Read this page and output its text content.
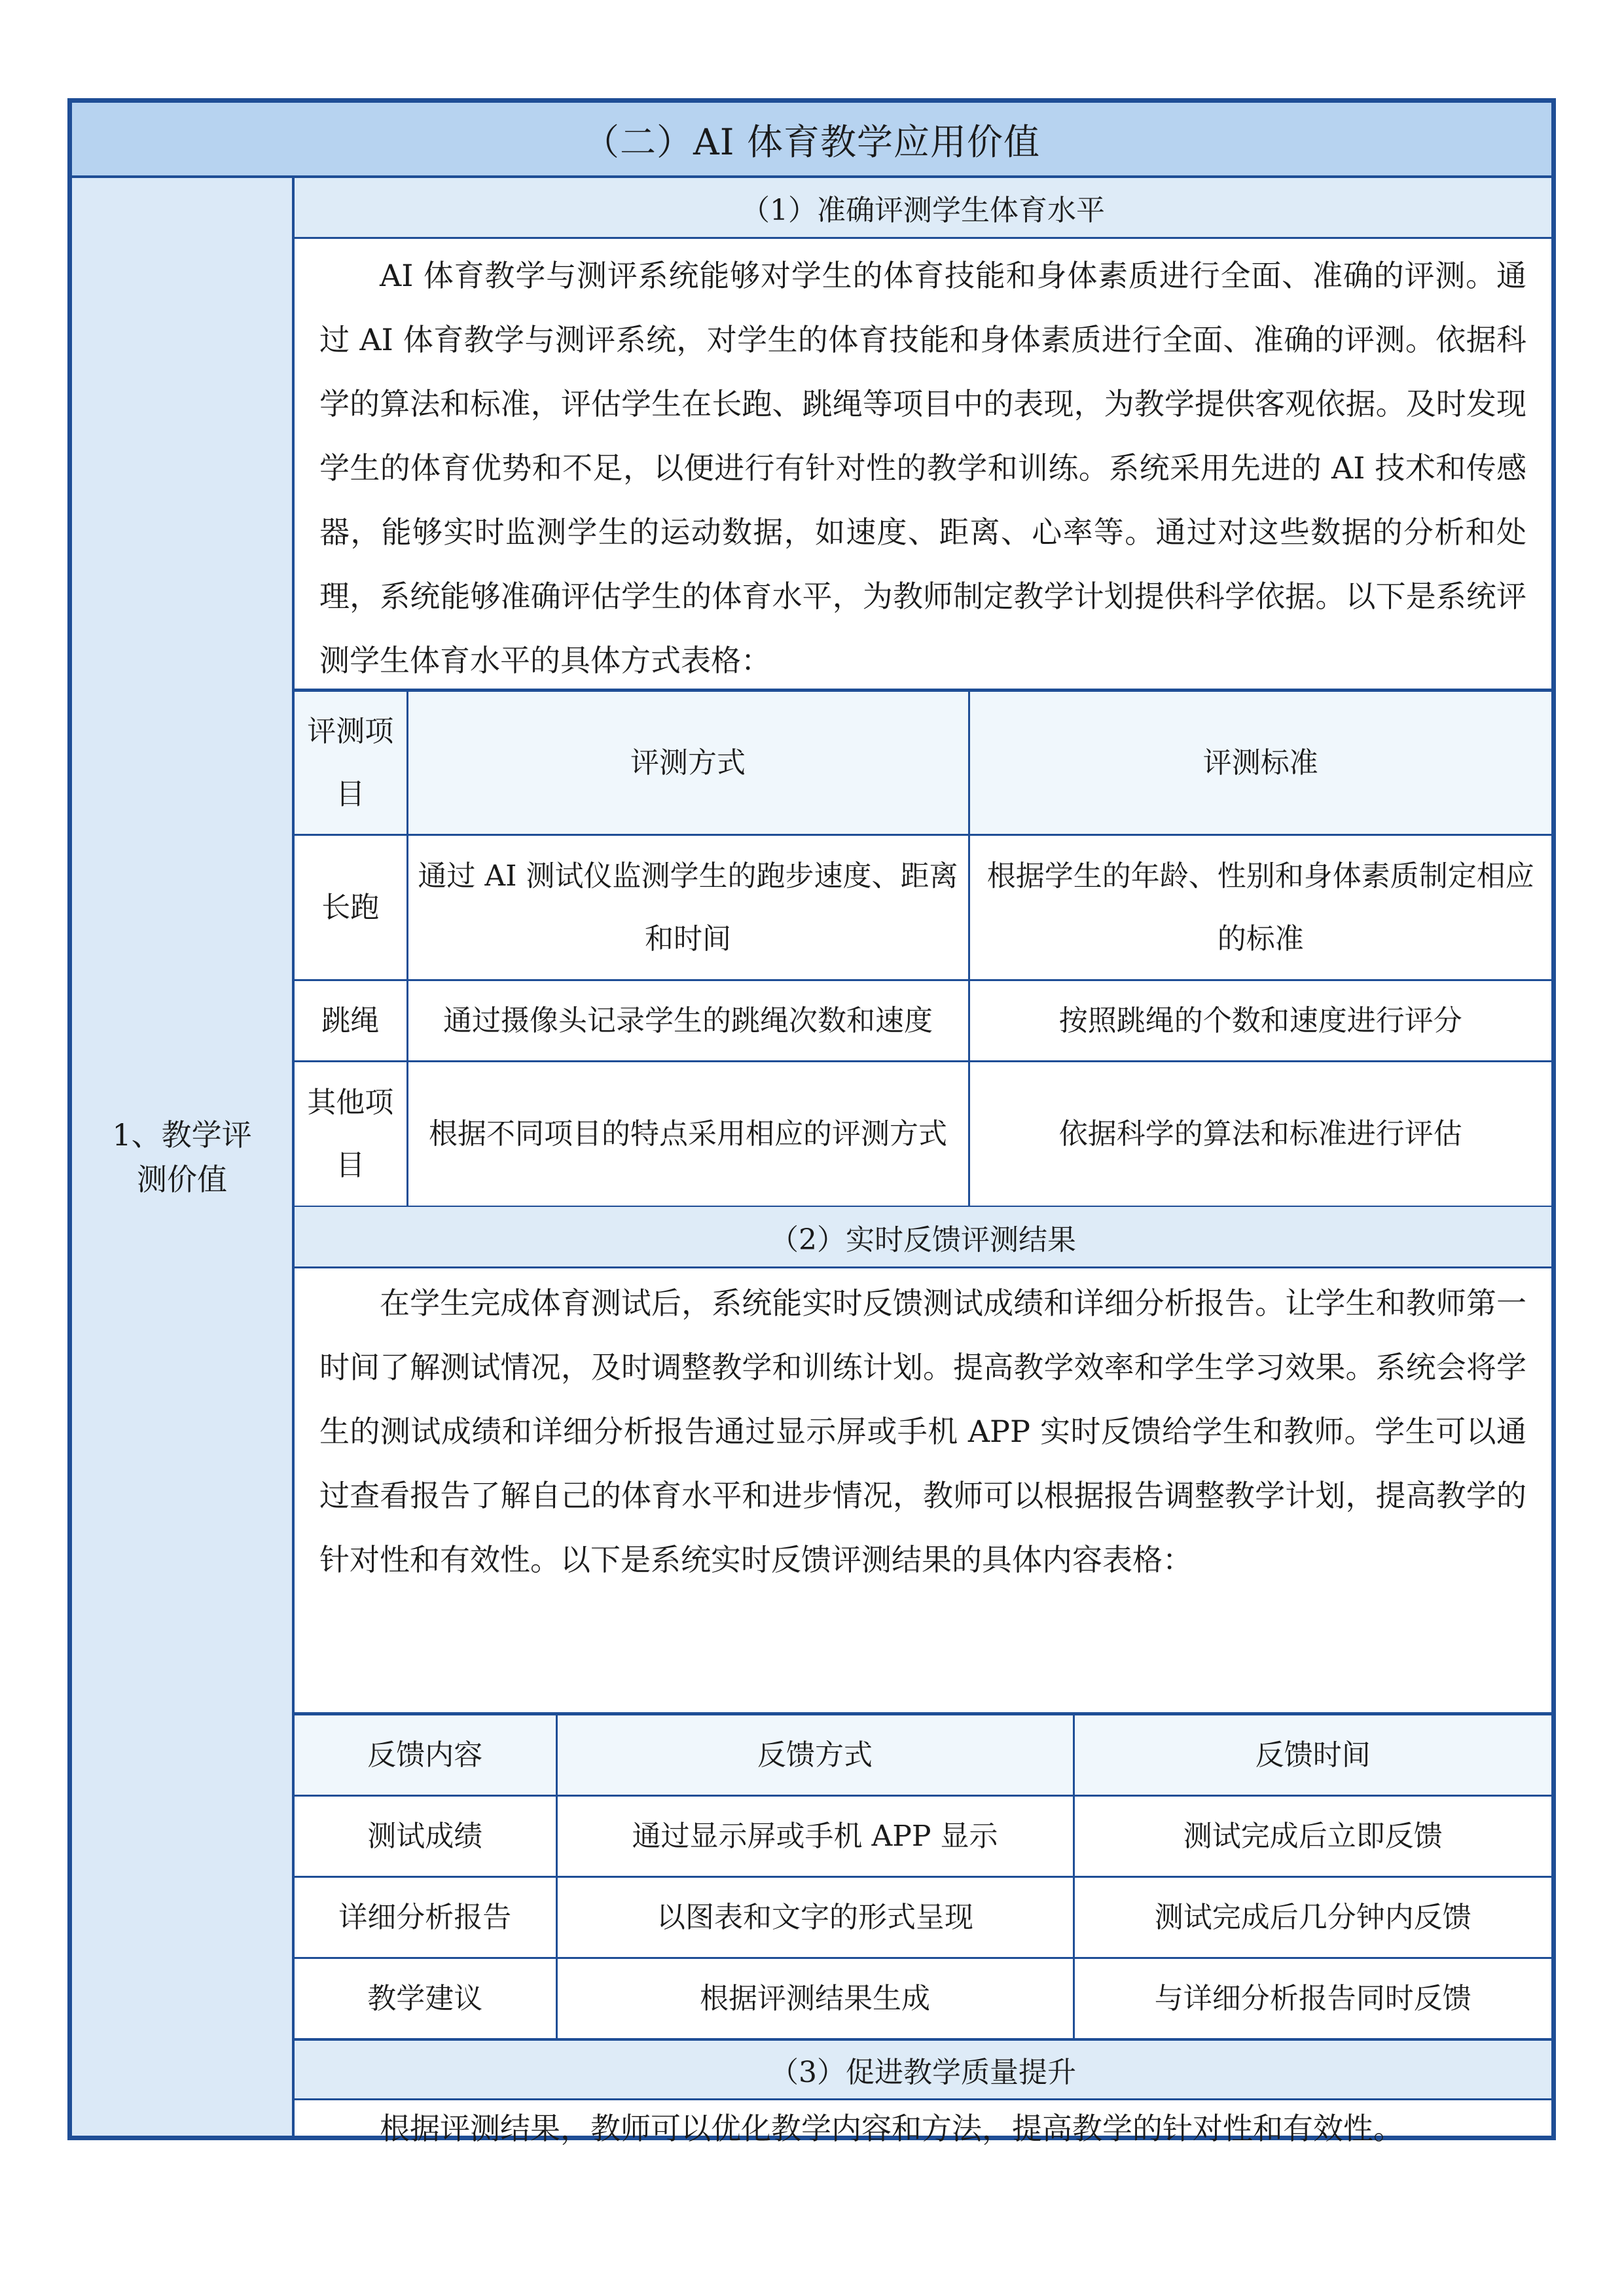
（二）AI 体育教学应用价值
1、教学评测价值
（1）准确评测学生体育水平
AI 体育教学与测评系统能够对学生的体育技能和身体素质进行全面、准确的评测。通过 AI 体育教学与测评系统，对学生的体育技能和身体素质进行全面、准确的评测。依据科学的算法和标准，评估学生在长跑、跳绳等项目中的表现，为教学提供客观依据。及时发现学生的体育优势和不足，以便进行有针对性的教学和训练。系统采用先进的 AI 技术和传感器，能够实时监测学生的运动数据，如速度、距离、心率等。通过对这些数据的分析和处理，系统能够准确评估学生的体育水平，为教师制定教学计划提供科学依据。以下是系统评测学生体育水平的具体方式表格：
评测项目	评测方式	评测标准
长跑	通过 AI 测试仪监测学生的跑步速度、距离和时间	根据学生的年龄、性别和身体素质制定相应的标准
跳绳	通过摄像头记录学生的跳绳次数和速度	按照跳绳的个数和速度进行评分
其他项目	根据不同项目的特点采用相应的评测方式	依据科学的算法和标准进行评估
（2）实时反馈评测结果
在学生完成体育测试后，系统能实时反馈测试成绩和详细分析报告。让学生和教师第一时间了解测试情况，及时调整教学和训练计划。提高教学效率和学生学习效果。系统会将学生的测试成绩和详细分析报告通过显示屏或手机 APP 实时反馈给学生和教师。学生可以通过查看报告了解自己的体育水平和进步情况，教师可以根据报告调整教学计划，提高教学的针对性和有效性。以下是系统实时反馈评测结果的具体内容表格：
反馈内容	反馈方式	反馈时间
测试成绩	通过显示屏或手机 APP 显示	测试完成后立即反馈
详细分析报告	以图表和文字的形式呈现	测试完成后几分钟内反馈
教学建议	根据评测结果生成	与详细分析报告同时反馈
（3）促进教学质量提升
根据评测结果，教师可以优化教学内容和方法，提高教学的针对性和有效性。
